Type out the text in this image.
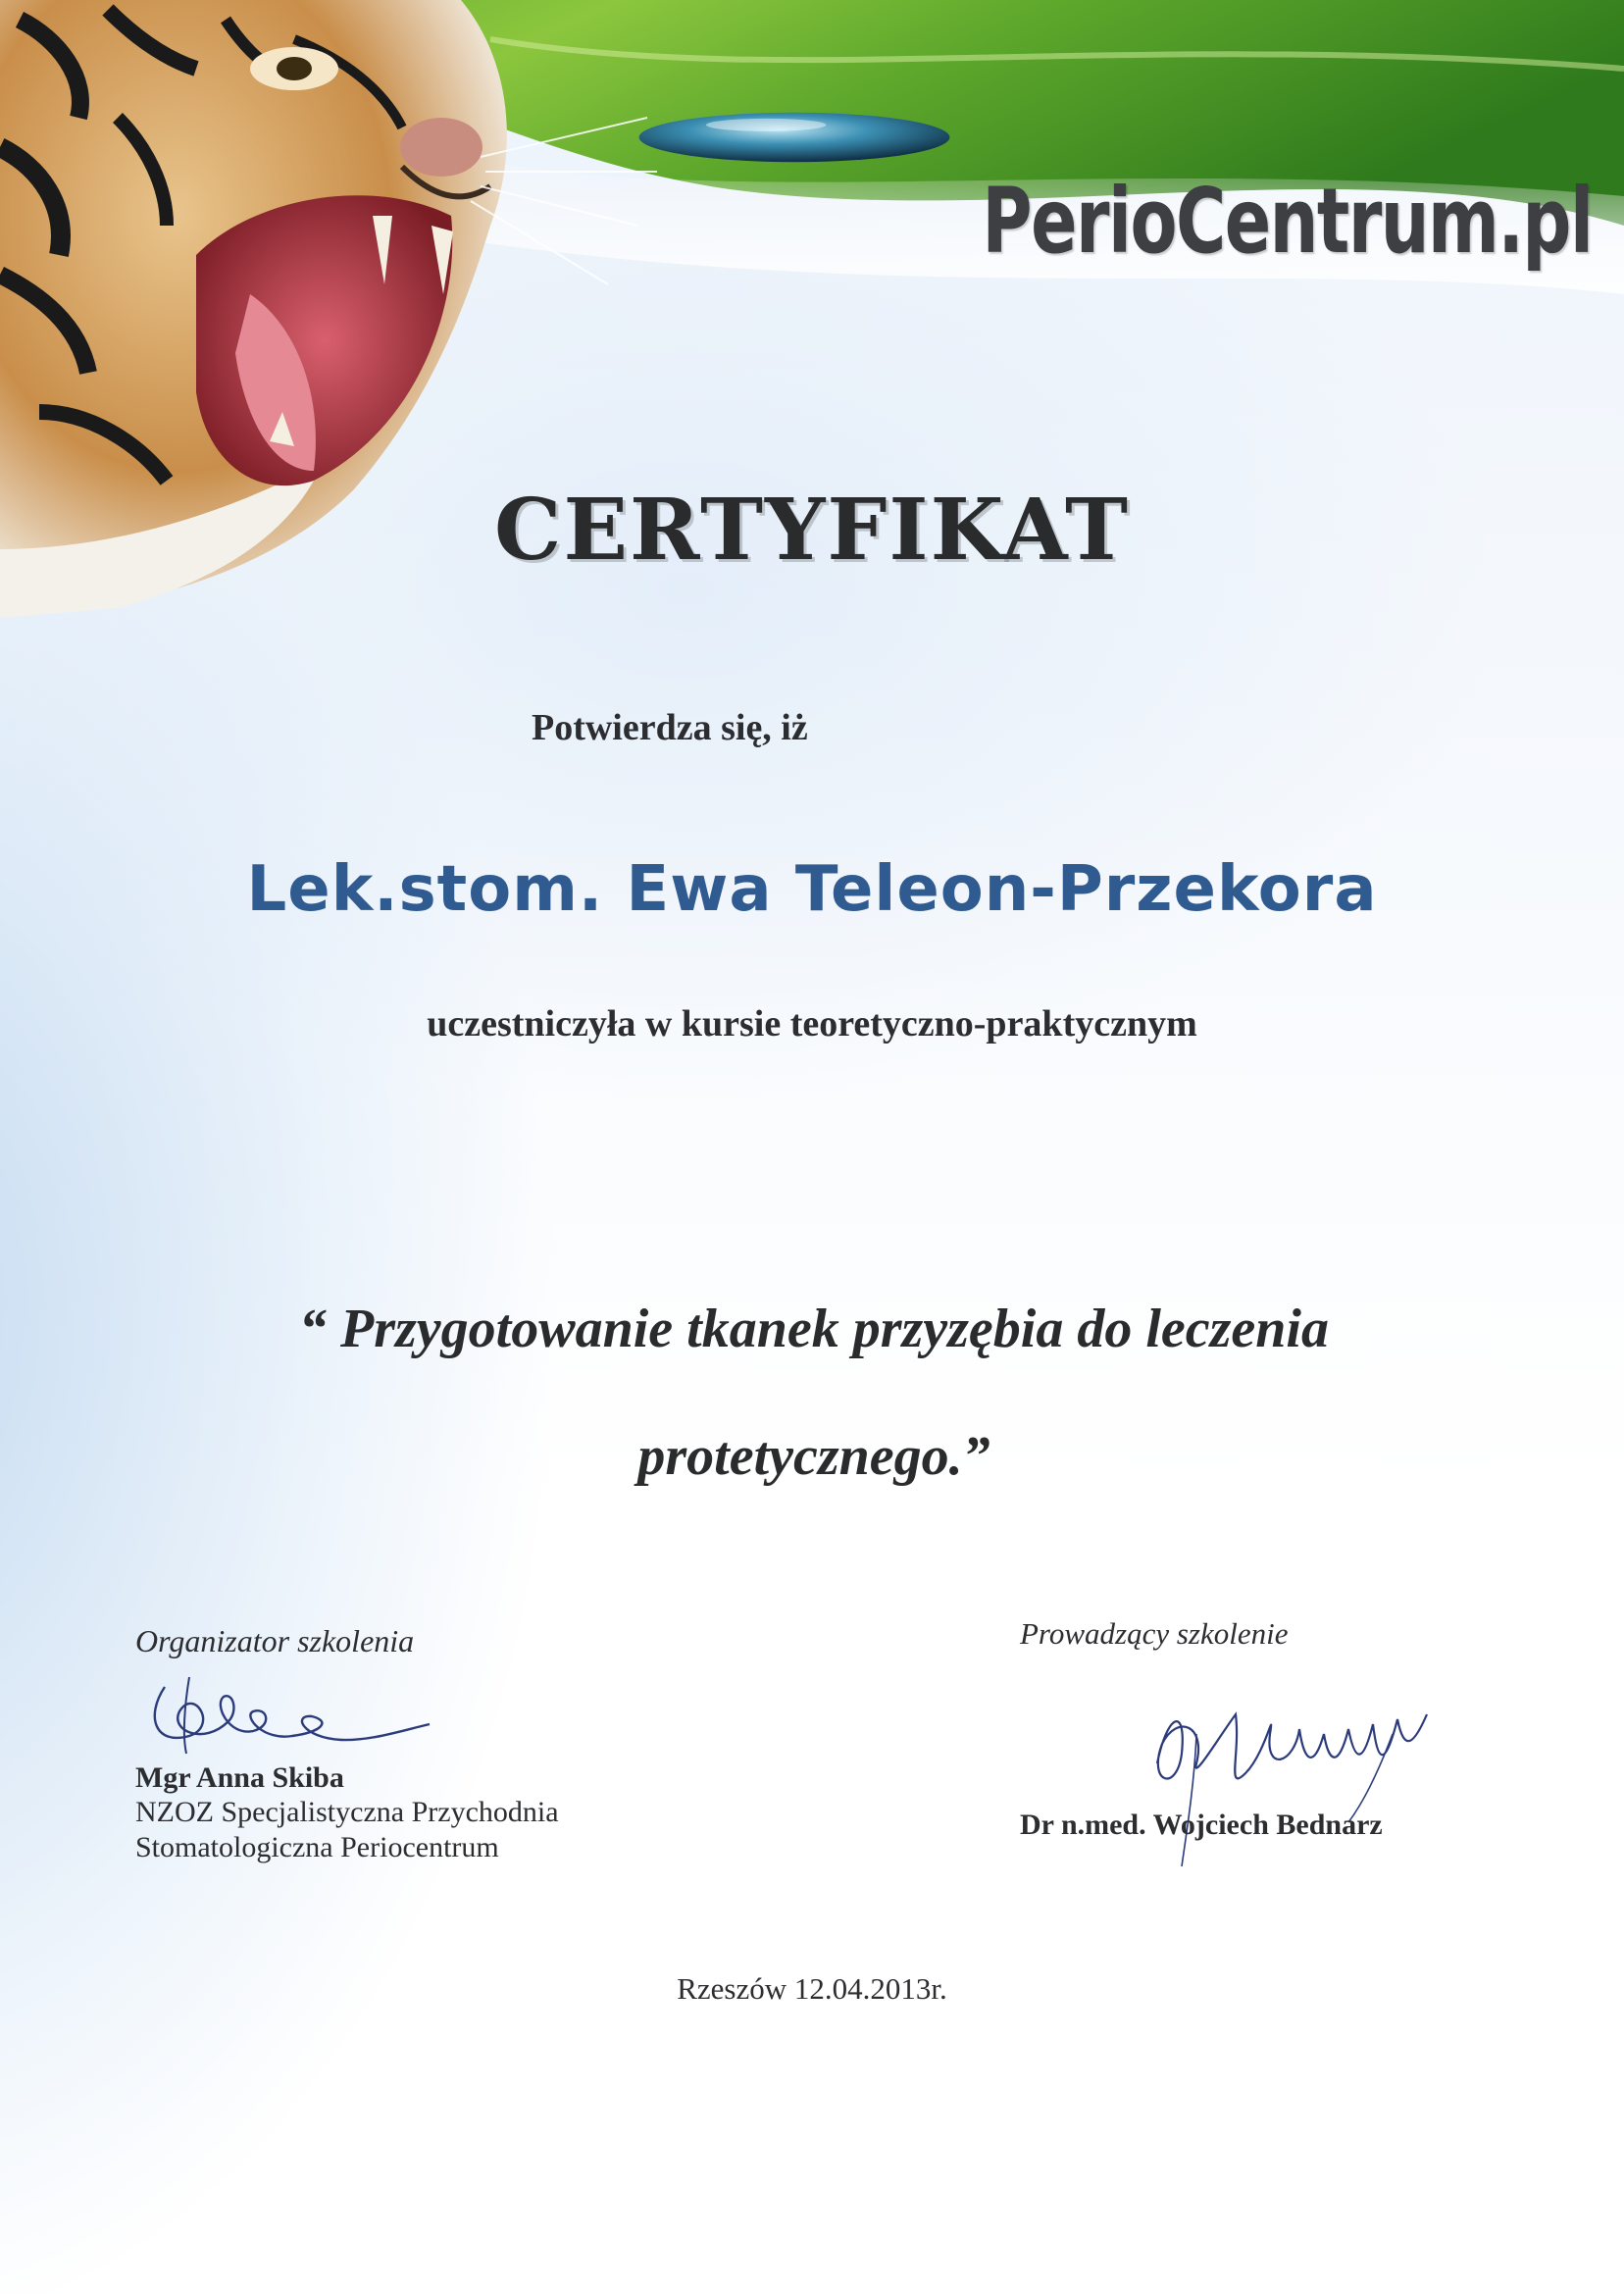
PerioCentrum.pl

CERTYFIKAT

Potwierdza się, iż

Lek.stom. Ewa Teleon-Przekora

uczestniczyła w kursie teoretyczno-praktycznym

“ Przygotowanie tkanek przyzębia do leczenia
protetycznego.”

Organizator szkolenia

Mgr Anna Skiba

NZOZ Specjalistyczna Przychodnia

Stomatologiczna Periocentrum

Prowadzący szkolenie

Dr n.med. Wojciech Bednarz

Rzeszów 12.04.2013r.
